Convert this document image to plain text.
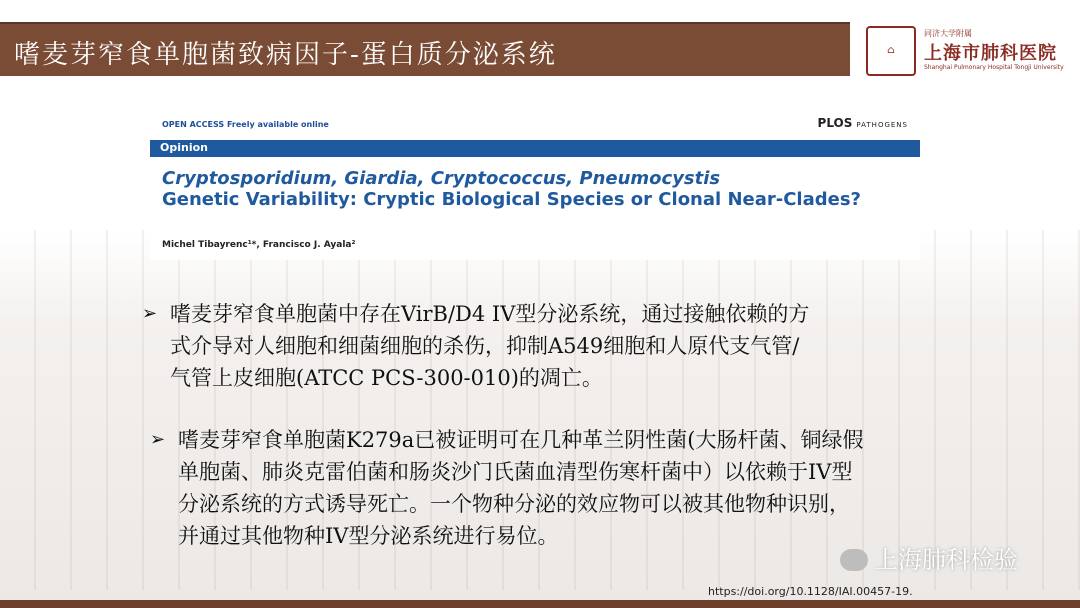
嗜麦芽窄食单胞菌致病因子-蛋白质分泌系统	⌂
同济大学附属
上海市肺科医院
Shanghai Pulmonary Hospital Tongji University
OPEN ACCESS Freely available online	PLOS PATHOGENS
Opinion
Cryptosporidium, Giardia, Cryptococcus, Pneumocystis
Genetic Variability: Cryptic Biological Species or Clonal Near-Clades?
Michel Tibayrenc¹*, Francisco J. Ayala²
➢ 嗜麦芽窄食单胞菌中存在VirB/D4 IV型分泌系统，通过接触依赖的方
式介导对人细胞和细菌细胞的杀伤，抑制A549细胞和人原代支气管/
气管上皮细胞(ATCC PCS-300-010)的凋亡。
➢ 嗜麦芽窄食单胞菌K279a已被证明可在几种革兰阴性菌(大肠杆菌、铜绿假
单胞菌、肺炎克雷伯菌和肠炎沙门氏菌血清型伤寒杆菌中）以依赖于IV型
分泌系统的方式诱导死亡。一个物种分泌的效应物可以被其他物种识别，
并通过其他物种IV型分泌系统进行易位。
上海肺科检验
https://doi.org/10.1128/IAI.00457-19.
